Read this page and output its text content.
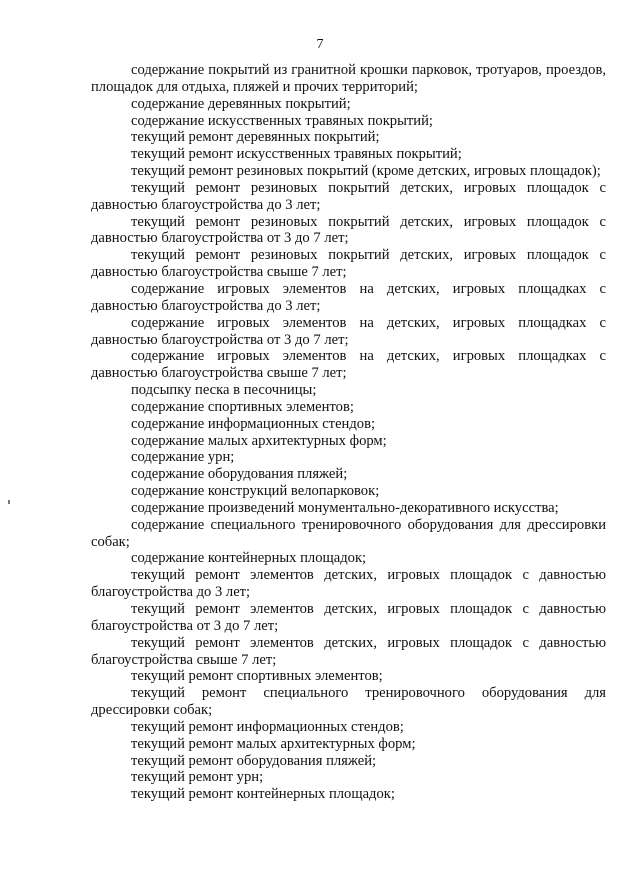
7

содержание покрытий из гранитной крошки парковок, тротуаров, проездов, площадок для отдыха, пляжей и прочих территорий;

содержание деревянных покрытий;

содержание искусственных травяных покрытий;

текущий ремонт деревянных покрытий;

текущий ремонт искусственных травяных покрытий;

текущий ремонт резиновых покрытий (кроме детских, игровых площадок);

текущий ремонт резиновых покрытий детских, игровых площадок с давностью благоустройства до 3 лет;

текущий ремонт резиновых покрытий детских, игровых площадок с давностью благоустройства от 3 до 7 лет;

текущий ремонт резиновых покрытий детских, игровых площадок с давностью благоустройства свыше 7 лет;

содержание игровых элементов на детских, игровых площадках с давностью благоустройства до 3 лет;

содержание игровых элементов на детских, игровых площадках с давностью благоустройства от 3 до 7 лет;

содержание игровых элементов на детских, игровых площадках с давностью благоустройства свыше 7 лет;

подсыпку песка в песочницы;

содержание спортивных элементов;

содержание информационных стендов;

содержание малых архитектурных форм;

содержание урн;

содержание оборудования пляжей;

содержание конструкций велопарковок;

содержание произведений монументально-декоративного искусства;

содержание специального тренировочного оборудования для дрессировки собак;

содержание контейнерных площадок;

текущий ремонт элементов детских, игровых площадок с давностью благоустройства до 3 лет;

текущий ремонт элементов детских, игровых площадок с давностью благоустройства от 3 до 7 лет;

текущий ремонт элементов детских, игровых площадок с давностью благоустройства свыше 7 лет;

текущий ремонт спортивных элементов;

текущий ремонт специального тренировочного оборудования для дрессировки собак;

текущий ремонт информационных стендов;

текущий ремонт малых архитектурных форм;

текущий ремонт оборудования пляжей;

текущий ремонт урн;

текущий ремонт контейнерных площадок;
